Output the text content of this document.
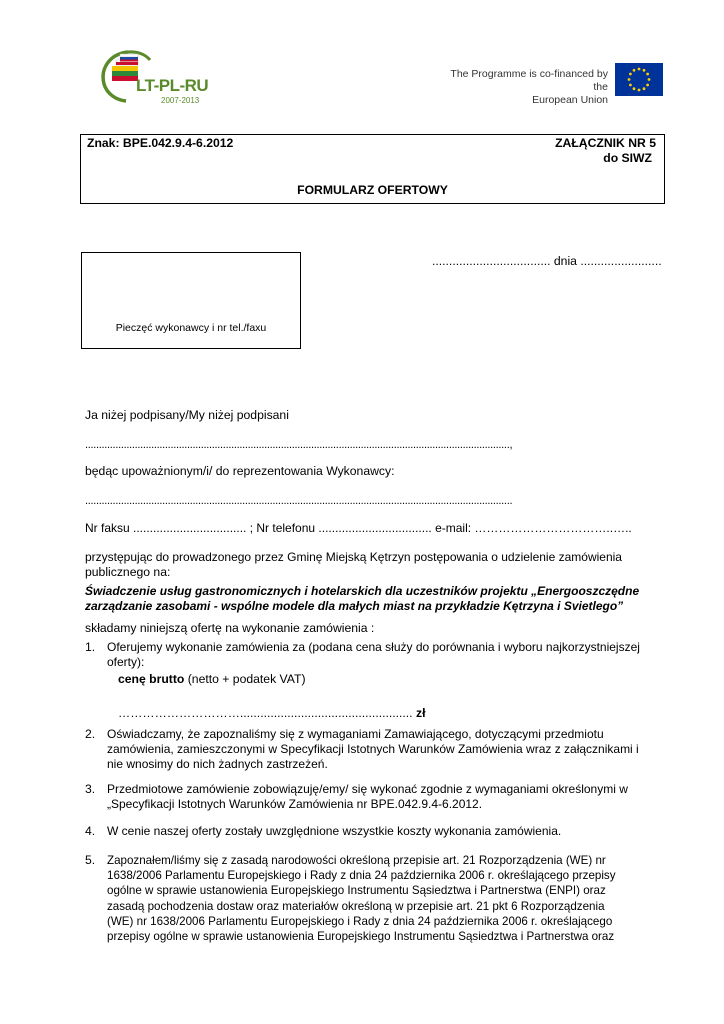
LT-PL-RU
2007-2013
The Programme is co-financed by the
European Union
Znak: BPE.042.9.4-6.2012	ZAŁĄCZNIK NR 5
do SIWZ
FORMULARZ OFERTOWY
Pieczęć wykonawcy i nr tel./faxu
................................... dnia ........................
Ja niżej podpisany/My niżej podpisani
..........................................................................................................................................................,
będąc upoważnionym/i/ do reprezentowania Wykonawcy:
...........................................................................................................................................................
Nr faksu .................................. ; Nr telefonu .................................. e-mail: ……………………………..…..
przystępując do prowadzonego przez Gminę Miejską Kętrzyn postępowania o udzielenie zamówienia
publicznego na:
Świadczenie usług gastronomicznych i hotelarskich dla uczestników projektu „Energooszczędne
zarządzanie zasobami - wspólne modele dla małych miast na przykładzie Kętrzyna i Svietlego”
składamy niniejszą ofertę na wykonanie zamówienia :
1. Oferujemy wykonanie zamówienia za (podana cena służy do porównania i wyboru najkorzystniejszej
oferty):
cenę brutto (netto + podatek VAT)
…………………………................................................... zł
2. Oświadczamy, że zapoznaliśmy się z wymaganiami Zamawiającego, dotyczącymi przedmiotu
zamówienia, zamieszczonymi w Specyfikacji Istotnych Warunków Zamówienia wraz z załącznikami i
nie wnosimy do nich żadnych zastrzeżeń.
3. Przedmiotowe zamówienie zobowiązuję/emy/ się wykonać zgodnie z wymaganiami określonymi w
„Specyfikacji Istotnych Warunków Zamówienia nr BPE.042.9.4-6.2012.
4. W cenie naszej oferty zostały uwzględnione wszystkie koszty wykonania zamówienia.
5. Zapoznałem/liśmy się z zasadą narodowości określoną przepisie art. 21 Rozporządzenia (WE) nr
1638/2006 Parlamentu Europejskiego i Rady z dnia 24 października 2006 r. określającego przepisy
ogólne w sprawie ustanowienia Europejskiego Instrumentu Sąsiedztwa i Partnerstwa (ENPI) oraz
zasadą pochodzenia dostaw oraz materiałów określoną w przepisie art. 21 pkt 6 Rozporządzenia
(WE) nr 1638/2006 Parlamentu Europejskiego i Rady z dnia 24 października 2006 r. określającego
przepisy ogólne w sprawie ustanowienia Europejskiego Instrumentu Sąsiedztwa i Partnerstwa oraz
